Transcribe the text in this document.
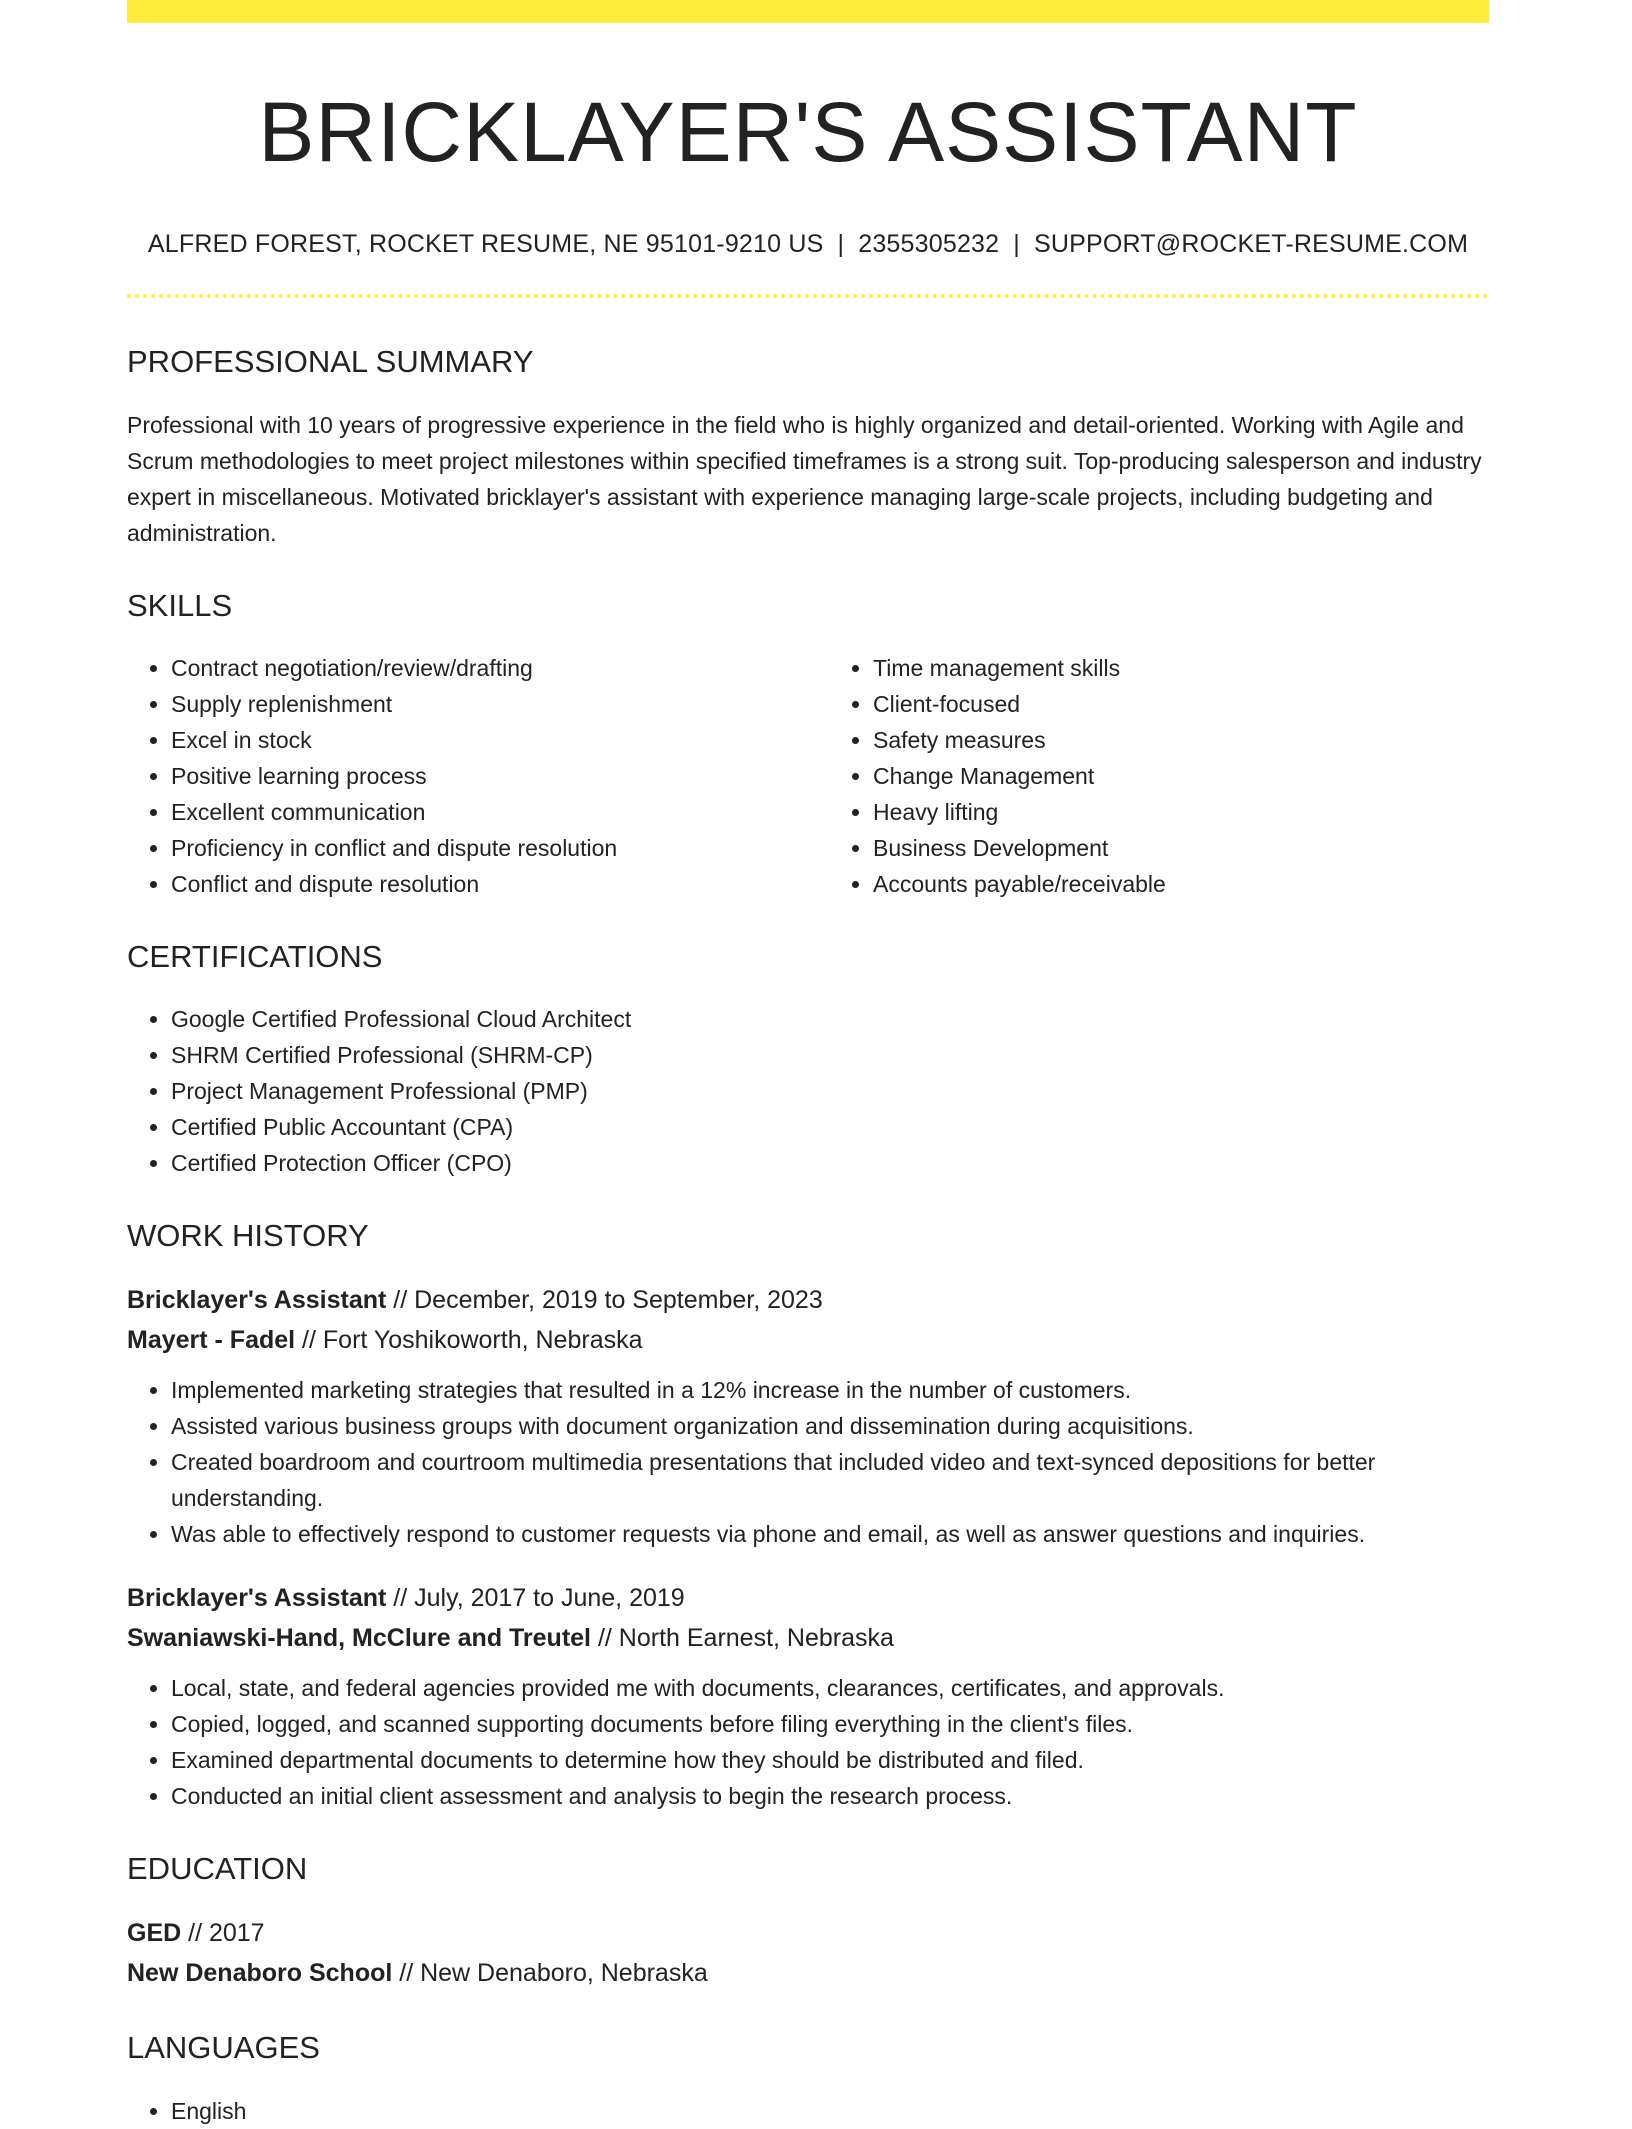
BRICKLAYER'S ASSISTANT
ALFRED FOREST, ROCKET RESUME, NE 95101-9210 US | 2355305232 | SUPPORT@ROCKET-RESUME.COM
PROFESSIONAL SUMMARY

Professional with 10 years of progressive experience in the field who is highly organized and detail-oriented. Working with Agile and Scrum methodologies to meet project milestones within specified timeframes is a strong suit. Top-producing salesperson and industry expert in miscellaneous. Motivated bricklayer's assistant with experience managing large-scale projects, including budgeting and administration.

SKILLS
• Contract negotiation/review/drafting
• Supply replenishment
• Excel in stock
• Positive learning process
• Excellent communication
• Proficiency in conflict and dispute resolution
• Conflict and dispute resolution
• Time management skills
• Client-focused
• Safety measures
• Change Management
• Heavy lifting
• Business Development
• Accounts payable/receivable
CERTIFICATIONS
• Google Certified Professional Cloud Architect
• SHRM Certified Professional (SHRM-CP)
• Project Management Professional (PMP)
• Certified Public Accountant (CPA)
• Certified Protection Officer (CPO)
WORK HISTORY
Bricklayer's Assistant // December, 2019 to September, 2023
Mayert - Fadel // Fort Yoshikoworth, Nebraska
• Implemented marketing strategies that resulted in a 12% increase in the number of customers.
• Assisted various business groups with document organization and dissemination during acquisitions.
• Created boardroom and courtroom multimedia presentations that included video and text-synced depositions for better understanding.
• Was able to effectively respond to customer requests via phone and email, as well as answer questions and inquiries.
Bricklayer's Assistant // July, 2017 to June, 2019
Swaniawski-Hand, McClure and Treutel // North Earnest, Nebraska
• Local, state, and federal agencies provided me with documents, clearances, certificates, and approvals.
• Copied, logged, and scanned supporting documents before filing everything in the client's files.
• Examined departmental documents to determine how they should be distributed and filed.
• Conducted an initial client assessment and analysis to begin the research process.
EDUCATION
GED // 2017
New Denaboro School // New Denaboro, Nebraska
LANGUAGES
• English
